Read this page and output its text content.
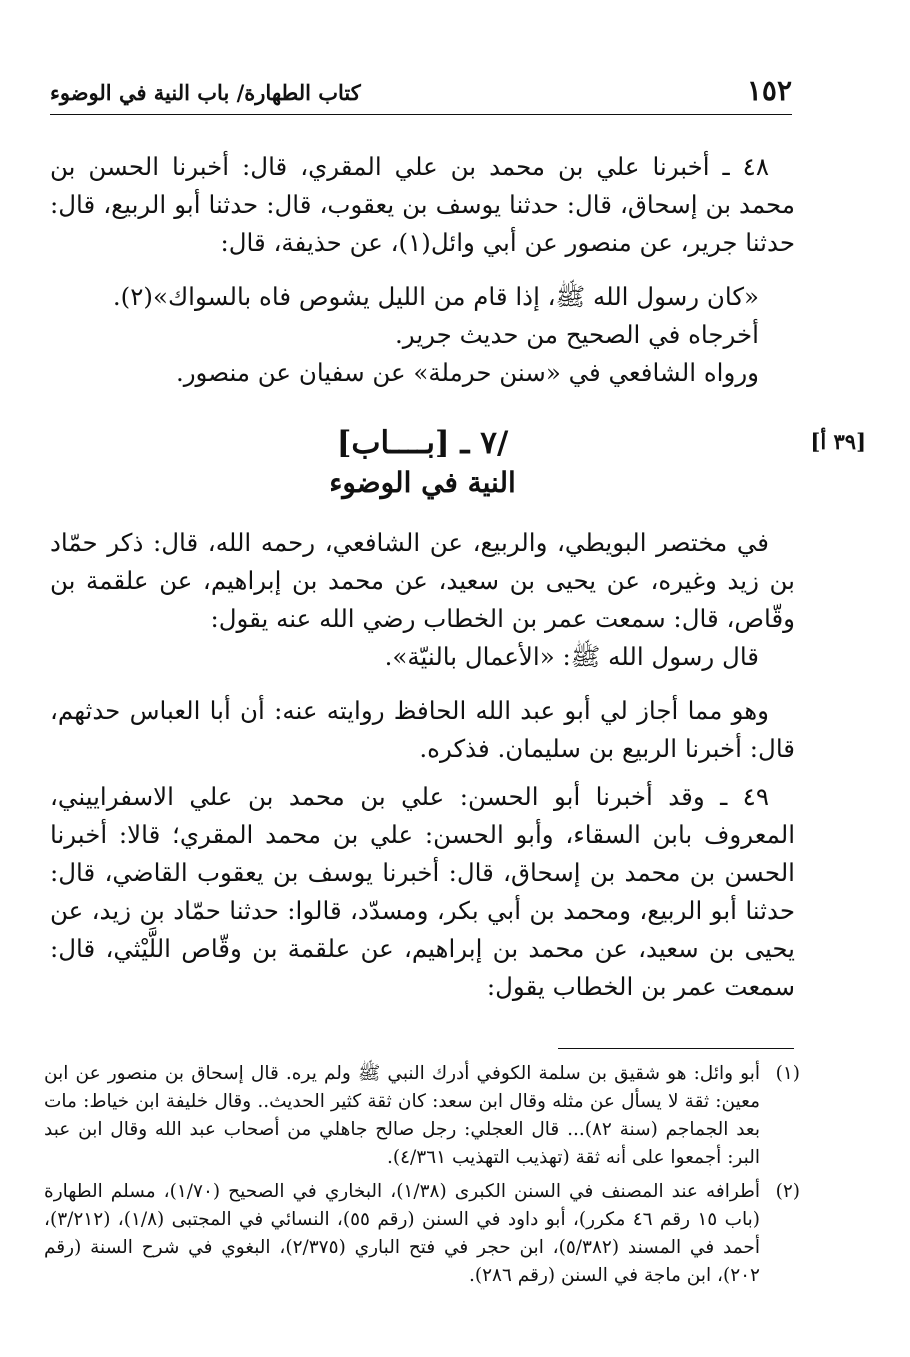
١٥٢
كتاب الطهارة/ باب النية في الوضوء

٤٨ ـ أخبرنا علي بن محمد بن علي المقري، قال: أخبرنا الحسن بن محمد بن إسحاق، قال: حدثنا يوسف بن يعقوب، قال: حدثنا أبو الربيع، قال: حدثنا جرير، عن منصور عن أبي وائل(١)، عن حذيفة، قال:

«كان رسول الله ﷺ، إذا قام من الليل يشوص فاه بالسواك»(٢).

أخرجاه في الصحيح من حديث جرير.

ورواه الشافعي في «سنن حرملة» عن سفيان عن منصور.

[٣٩ أ]
/٧ ـ [بــــاب]
النية في الوضوء

في مختصر البويطي، والربيع، عن الشافعي، رحمه الله، قال: ذكر حمّاد بن زيد وغيره، عن يحيى بن سعيد، عن محمد بن إبراهيم، عن علقمة بن وقّاص، قال: سمعت عمر بن الخطاب رضي الله عنه يقول:

قال رسول الله ﷺ: «الأعمال بالنيّة».

وهو مما أجاز لي أبو عبد الله الحافظ روايته عنه: أن أبا العباس حدثهم، قال: أخبرنا الربيع بن سليمان. فذكره.

٤٩ ـ وقد أخبرنا أبو الحسن: علي بن محمد بن علي الاسفراييني، المعروف بابن السقاء، وأبو الحسن: علي بن محمد المقري؛ قالا: أخبرنا الحسن بن محمد بن إسحاق، قال: أخبرنا يوسف بن يعقوب القاضي، قال: حدثنا أبو الربيع، ومحمد بن أبي بكر، ومسدّد، قالوا: حدثنا حمّاد بن زيد، عن يحيى بن سعيد، عن محمد بن إبراهيم، عن علقمة بن وقّاص اللَّيْثي، قال: سمعت عمر بن الخطاب يقول:

(١)
أبو وائل: هو شقيق بن سلمة الكوفي أدرك النبي ﷺ ولم يره. قال إسحاق بن منصور عن ابن معين: ثقة لا يسأل عن مثله وقال ابن سعد: كان ثقة كثير الحديث.. وقال خليفة ابن خياط: مات بعد الجماجم (سنة ٨٢)... قال العجلي: رجل صالح جاهلي من أصحاب عبد الله وقال ابن عبد البر: أجمعوا على أنه ثقة (تهذيب التهذيب ٤/٣٦١).
(٢)
أطرافه عند المصنف في السنن الكبرى (١/٣٨)، البخاري في الصحيح (١/٧٠)، مسلم الطهارة (باب ١٥ رقم ٤٦ مكرر)، أبو داود في السنن (رقم ٥٥)، النسائي في المجتبى (١/٨)، (٣/٢١٢)، أحمد في المسند (٥/٣٨٢)، ابن حجر في فتح الباري (٢/٣٧٥)، البغوي في شرح السنة (رقم ٢٠٢)، ابن ماجة في السنن (رقم ٢٨٦).
